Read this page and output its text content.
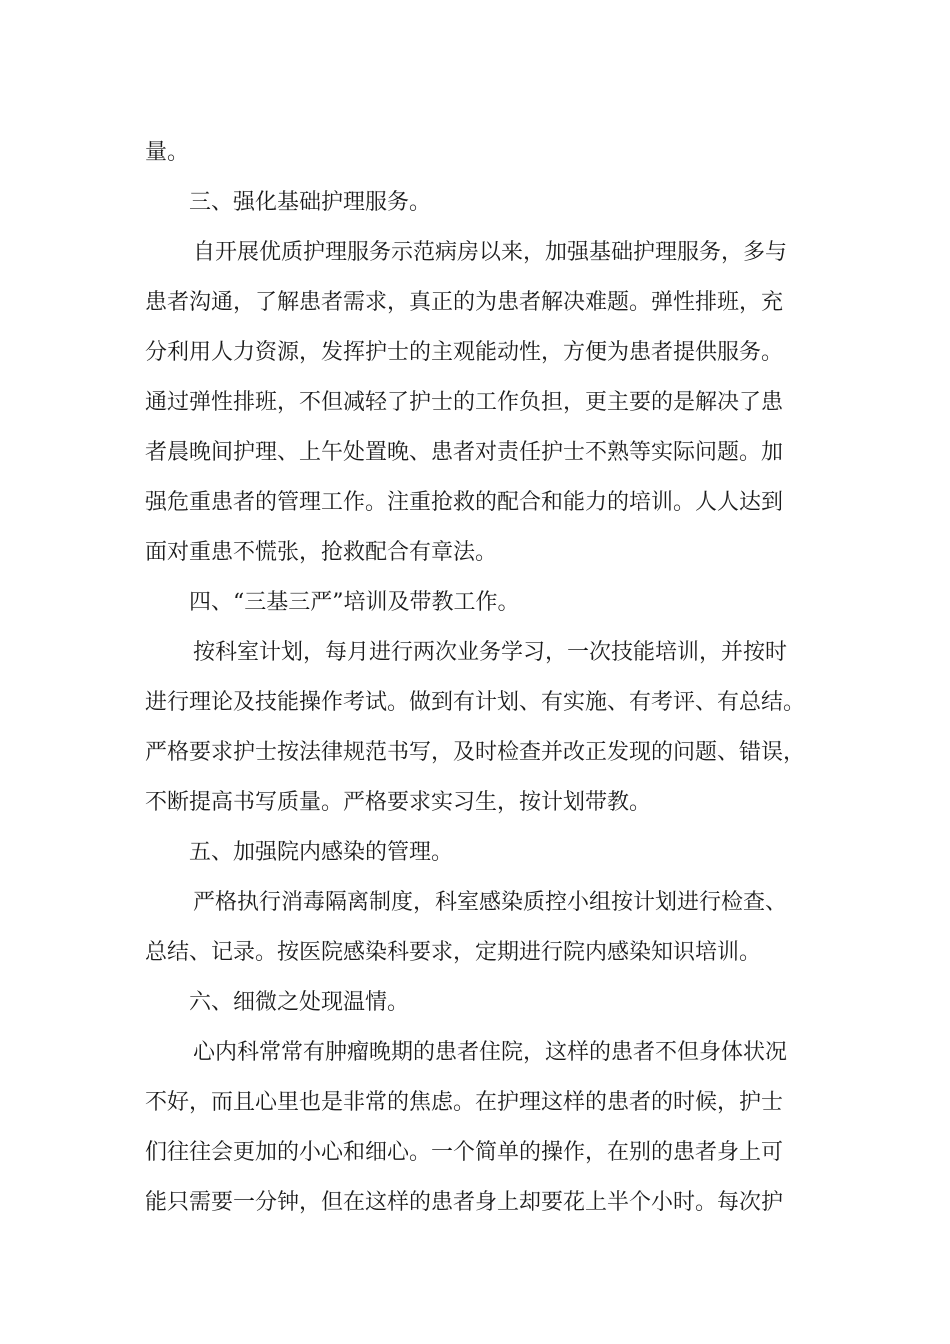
量。
三、强化基础护理服务。
自开展优质护理服务示范病房以来，加强基础护理服务，多与
患者沟通，了解患者需求，真正的为患者解决难题。弹性排班，充
分利用人力资源，发挥护士的主观能动性，方便为患者提供服务。
通过弹性排班，不但减轻了护士的工作负担，更主要的是解决了患
者晨晚间护理、上午处置晚、患者对责任护士不熟等实际问题。加
强危重患者的管理工作。注重抢救的配合和能力的培训。人人达到
面对重患不慌张，抢救配合有章法。
四、“三基三严”培训及带教工作。
按科室计划，每月进行两次业务学习，一次技能培训，并按时
进行理论及技能操作考试。做到有计划、有实施、有考评、有总结。
严格要求护士按法律规范书写，及时检查并改正发现的问题、错误，
不断提高书写质量。严格要求实习生，按计划带教。
五、加强院内感染的管理。
严格执行消毒隔离制度，科室感染质控小组按计划进行检查、
总结、记录。按医院感染科要求，定期进行院内感染知识培训。
六、细微之处现温情。
心内科常常有肿瘤晚期的患者住院，这样的患者不但身体状况
不好，而且心里也是非常的焦虑。在护理这样的患者的时候，护士
们往往会更加的小心和细心。一个简单的操作，在别的患者身上可
能只需要一分钟，但在这样的患者身上却要花上半个小时。每次护
